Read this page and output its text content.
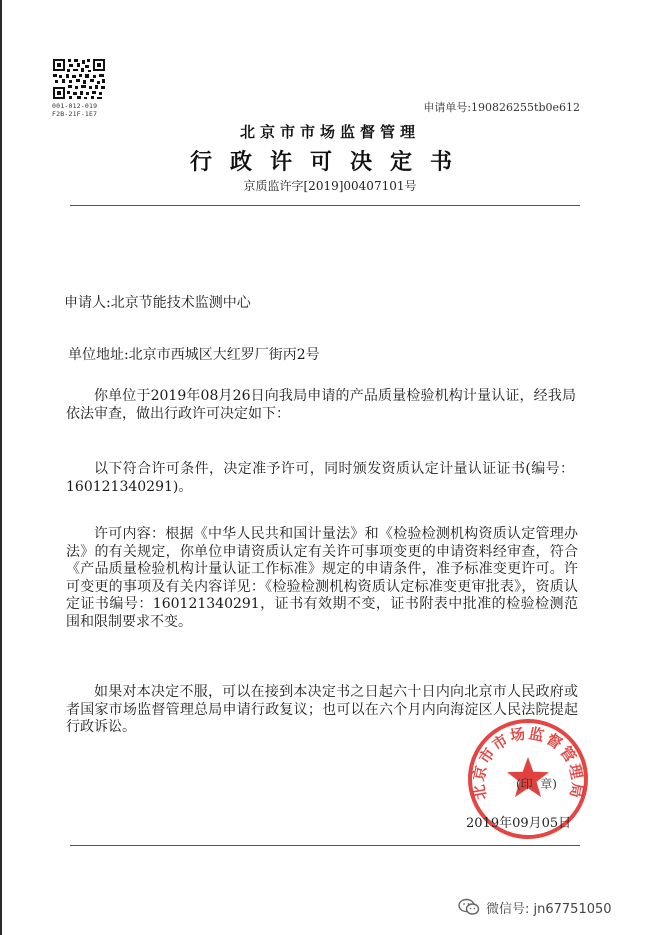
001-012-019
F2B-21F-1E7	申请单号:190826255tb0e612
北京市市场监督管理
行政许可决定书
京质监许字[2019]00407101号
申请人:北京节能技术监测中心
单位地址:北京市西城区大红罗厂街丙2号
你单位于2019年08月26日向我局申请的产品质量检验机构计量认证，经我局依法审查，做出行政许可决定如下：
以下符合许可条件，决定准予许可，同时颁发资质认定计量认证证书(编号：160121340291)。
许可内容：根据《中华人民共和国计量法》和《检验检测机构资质认定管理办法》的有关规定，你单位申请资质认定有关许可事项变更的申请资料经审查，符合《产品质量检验机构计量认证工作标准》规定的申请条件，准予标准变更许可。许可变更的事项及有关内容详见：《检验检测机构资质认定标准变更审批表》，资质认定证书编号：160121340291，证书有效期不变，证书附表中批准的检验检测范围和限制要求不变。
如果对本决定不服，可以在接到本决定书之日起六十日内向北京市人民政府或者国家市场监督管理总局申请行政复议；也可以在六个月内向海淀区人民法院提起行政诉讼。
北京市市场监督管理局
(印  章)
2019年09月05日
微信号: jn67751050
